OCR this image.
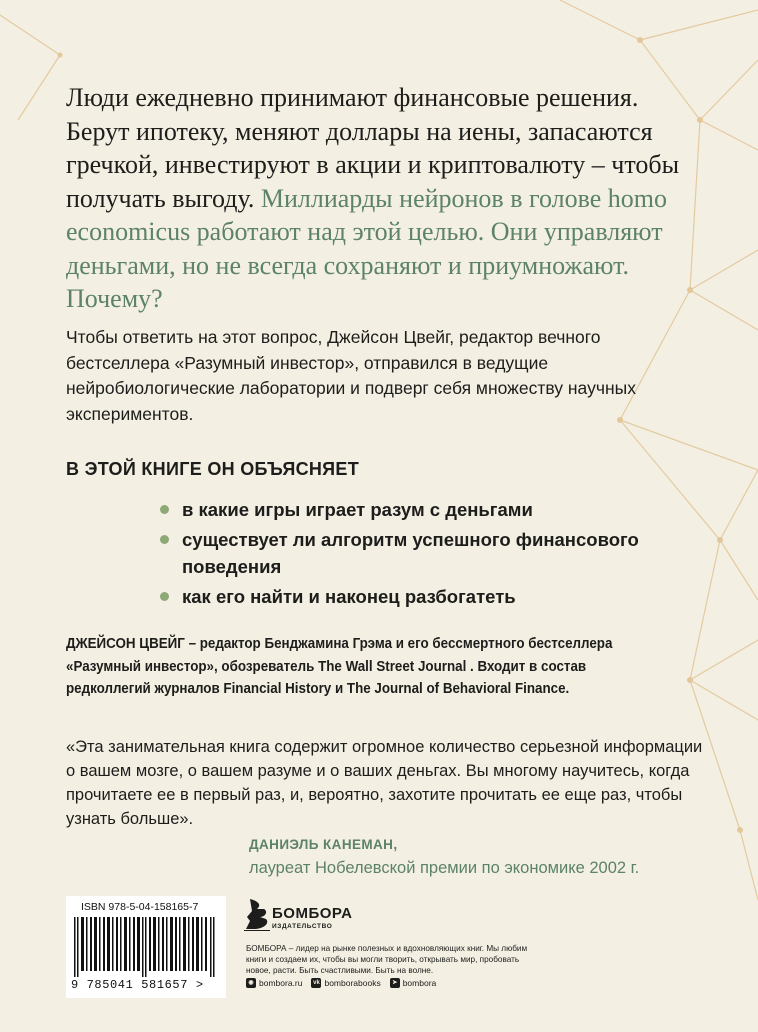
Люди ежедневно принимают финансовые решения. Берут ипотеку, меняют доллары на иены, запасаются гречкой, инвестируют в акции и криптовалюту – чтобы получать выгоду. Миллиарды нейронов в голове homo economicus работают над этой целью. Они управляют деньгами, но не всегда сохраняют и приумножают. Почему?

Чтобы ответить на этот вопрос, Джейсон Цвейг, редактор вечного бестселлера «Разумный инвестор», отправился в ведущие нейробиологические лаборатории и подверг себя множеству научных экспериментов.

В ЭТОЙ КНИГЕ ОН ОБЪЯСНЯЕТ

в какие игры играет разум с деньгами
существует ли алгоритм успешного финансового поведения
как его найти и наконец разбогатеть

ДЖЕЙСОН ЦВЕЙГ – редактор Бенджамина Грэма и его бессмертного бестселлера «Разумный инвестор», обозреватель The Wall Street Journal . Входит в состав редколлегий журналов Financial History и The Journal of Behavioral Finance.

«Эта занимательная книга содержит огромное количество серьезной информации о вашем мозге, о вашем разуме и о ваших деньгах. Вы многому научитесь, когда прочитаете ее в первый раз, и, вероятно, захотите прочитать ее еще раз, чтобы узнать больше».

ДАНИЭЛЬ КАНЕМАН,
лауреат Нобелевской премии по экономике 2002 г.
ISBN 978-5-04-158165-7
9 785041 581657 >
БОМБОРА
ИЗДАТЕЛЬСТВО

БОМБОРА – лидер на рынке полезных и вдохновляющих книг. Мы любим книги и создаем их, чтобы вы могли творить, открывать мир, пробовать новое, расти. Быть счастливыми. Быть на волне.

◉ bombora.ru vk bomborabooks	➤ bombora
